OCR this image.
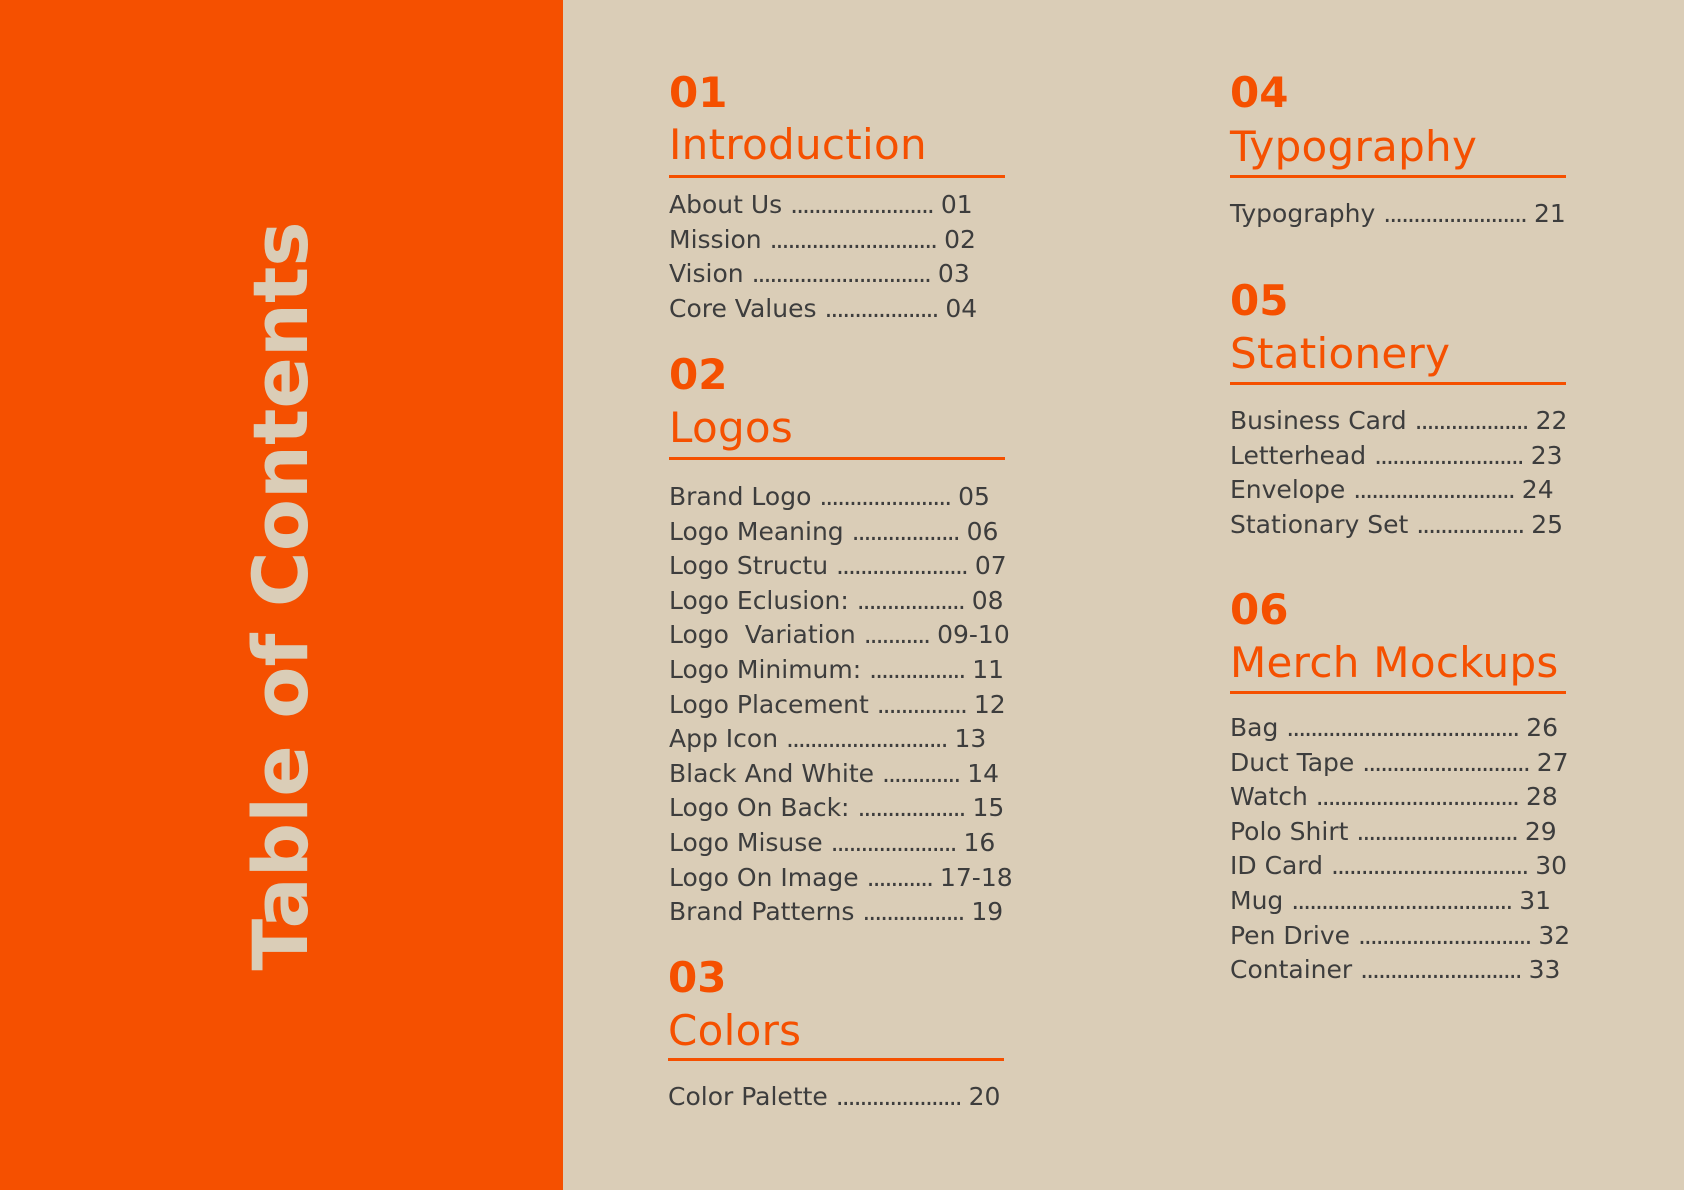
Table of Contents
01
Introduction
About Us ........................ 01
Mission ............................ 02
Vision .............................. 03
Core Values ................... 04
02
Logos
Brand Logo ...................... 05
Logo Meaning .................. 06
Logo Structu ...................... 07
Logo Eclusion: .................. 08
Logo  Variation ........... 09-10
Logo Minimum: ................ 11
Logo Placement ............... 12
App Icon ........................... 13
Black And White ............. 14
Logo On Back: .................. 15
Logo Misuse ..................... 16
Logo On Image ........... 17-18
Brand Patterns ................. 19
03
Colors
Color Palette ..................... 20
04
Typography
Typography ........................ 21
05
Stationery
Business Card ................... 22
Letterhead ......................... 23
Envelope ........................... 24
Stationary Set .................. 25
06
Merch Mockups
Bag ....................................... 26
Duct Tape ............................ 27
Watch .................................. 28
Polo Shirt ........................... 29
ID Card ................................. 30
Mug ..................................... 31
Pen Drive ............................. 32
Container ........................... 33
